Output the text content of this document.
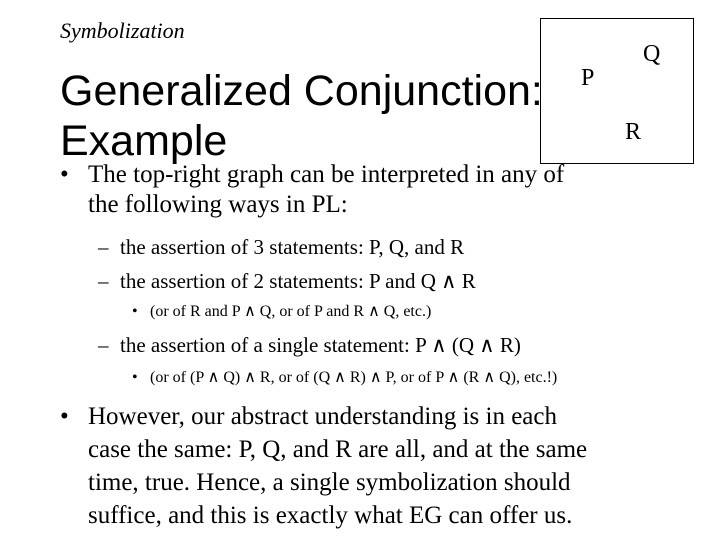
Symbolization
Generalized Conjunction:
Example
P
Q
R
• The top-right graph can be interpreted in any of
the following ways in PL:
– the assertion of 3 statements: P, Q, and R
– the assertion of 2 statements: P and Q ∧ R
• (or of R and P ∧ Q, or of P and R ∧ Q, etc.)
– the assertion of a single statement: P ∧ (Q ∧ R)
• (or of (P ∧ Q) ∧ R, or of (Q ∧ R) ∧ P, or of P ∧ (R ∧ Q), etc.!)
• However, our abstract understanding is in each
case the same: P, Q, and R are all, and at the same
time, true. Hence, a single symbolization should
suffice, and this is exactly what EG can offer us.
